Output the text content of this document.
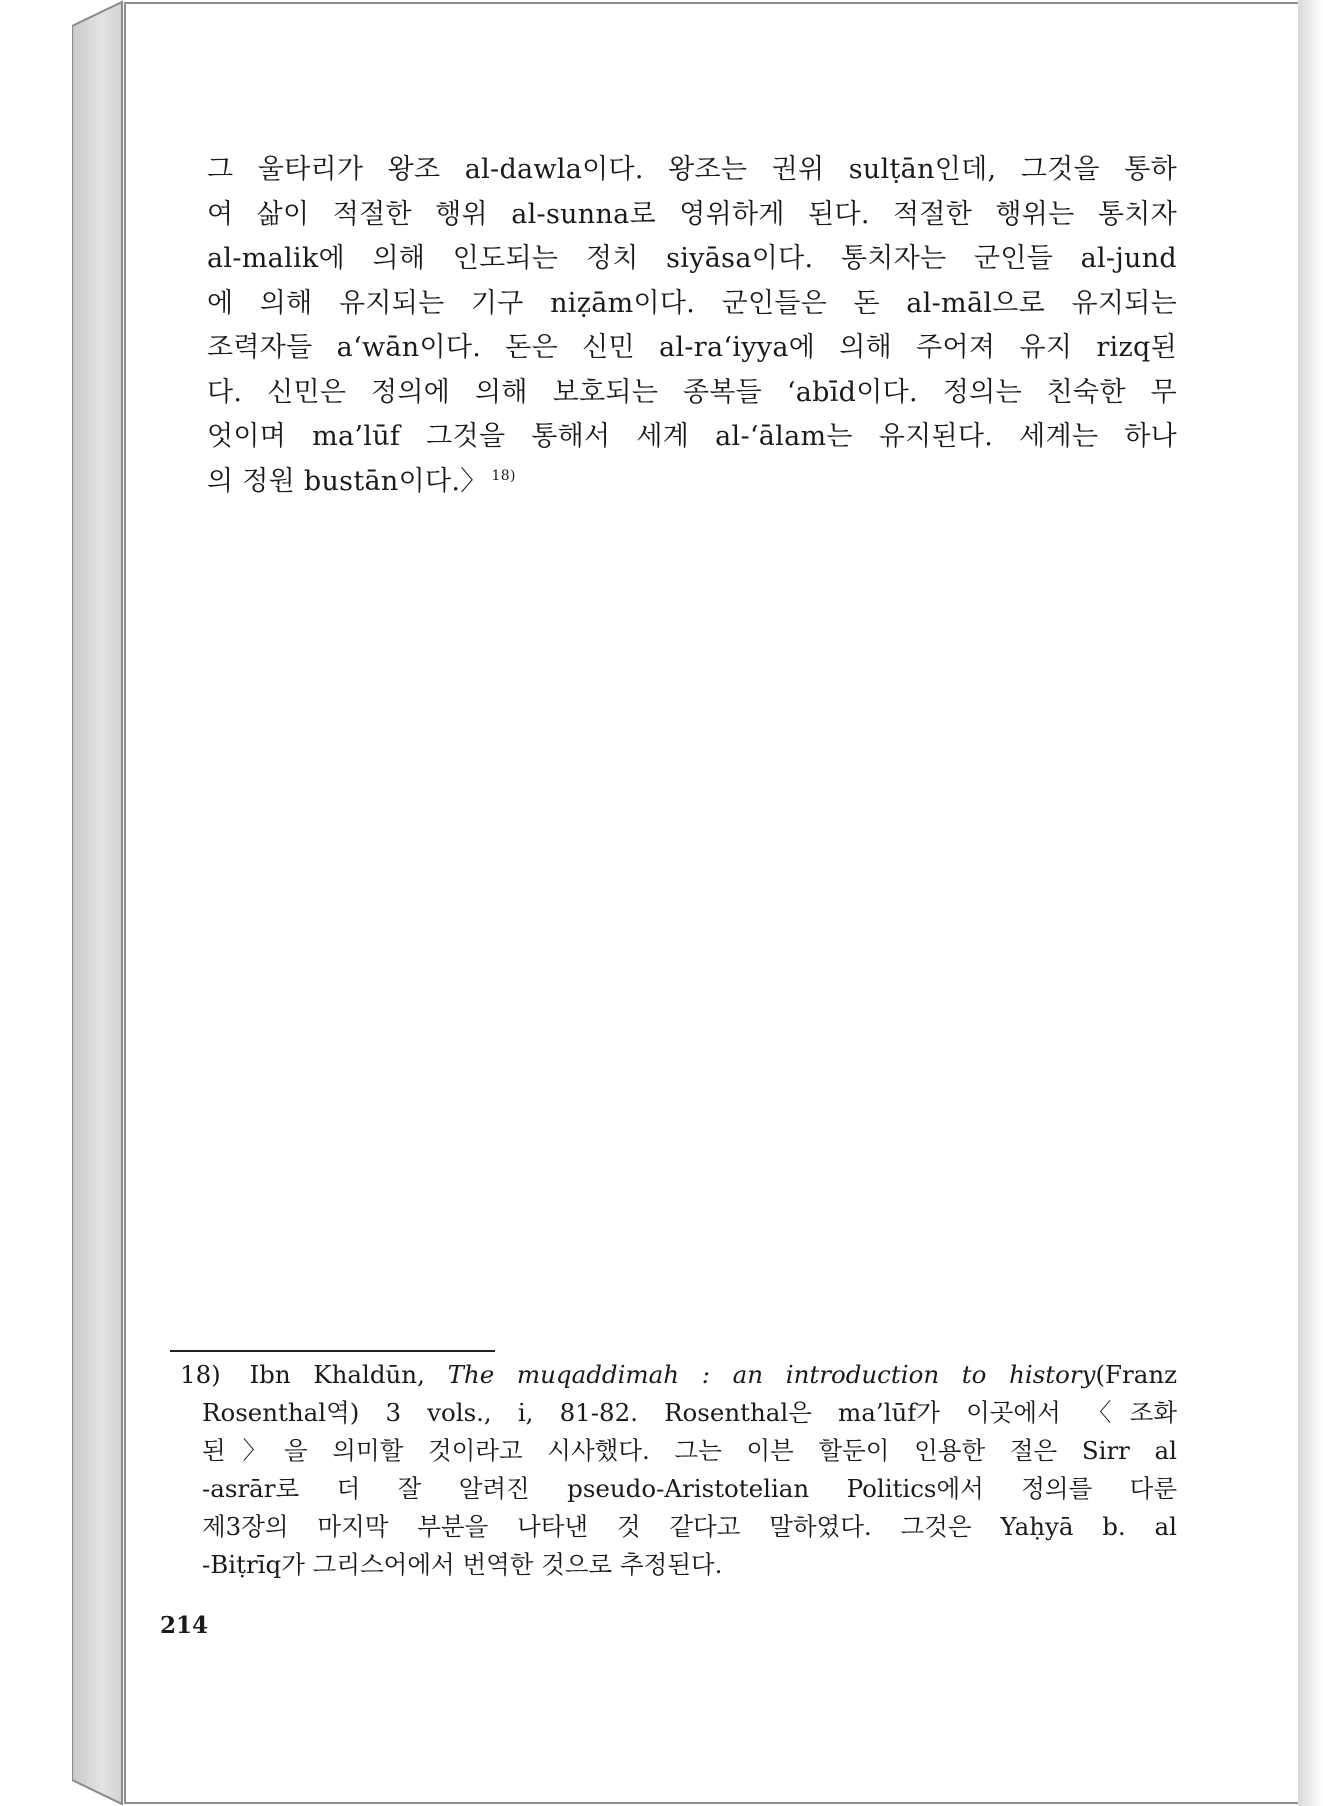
그 울타리가 왕조 al-dawla이다. 왕조는 권위 sulṭān인데, 그것을 통하
여 삶이 적절한 행위 al-sunna로 영위하게 된다. 적절한 행위는 통치자
al-malik에 의해 인도되는 정치 siyāsa이다. 통치자는 군인들 al-jund
에 의해 유지되는 기구 niẓām이다. 군인들은 돈 al-māl으로 유지되는
조력자들 a‘wān이다. 돈은 신민 al-ra‘iyya에 의해 주어져 유지 rizq된
다. 신민은 정의에 의해 보호되는 종복들 ‘abīd이다. 정의는 친숙한 무
엇이며 ma’lūf 그것을 통해서 세계 al-‘ālam는 유지된다. 세계는 하나
의 정원 bustān이다.〉 $^{18)}$
18) Ibn Khaldūn, The muqaddimah : an introduction to history(Franz
Rosenthal역) 3 vols., i, 81-82. Rosenthal은 ma’lūf가 이곳에서 〈조화
된〉을 의미할 것이라고 시사했다. 그는 이븐 할둔이 인용한 절은 Sirr al
-asrār로 더 잘 알려진 pseudo-Aristotelian Politics에서 정의를 다룬
제3장의 마지막 부분을 나타낸 것 같다고 말하였다. 그것은 Yaḥyā b. al
-Biṭrīq가 그리스어에서 번역한 것으로 추정된다.
214
